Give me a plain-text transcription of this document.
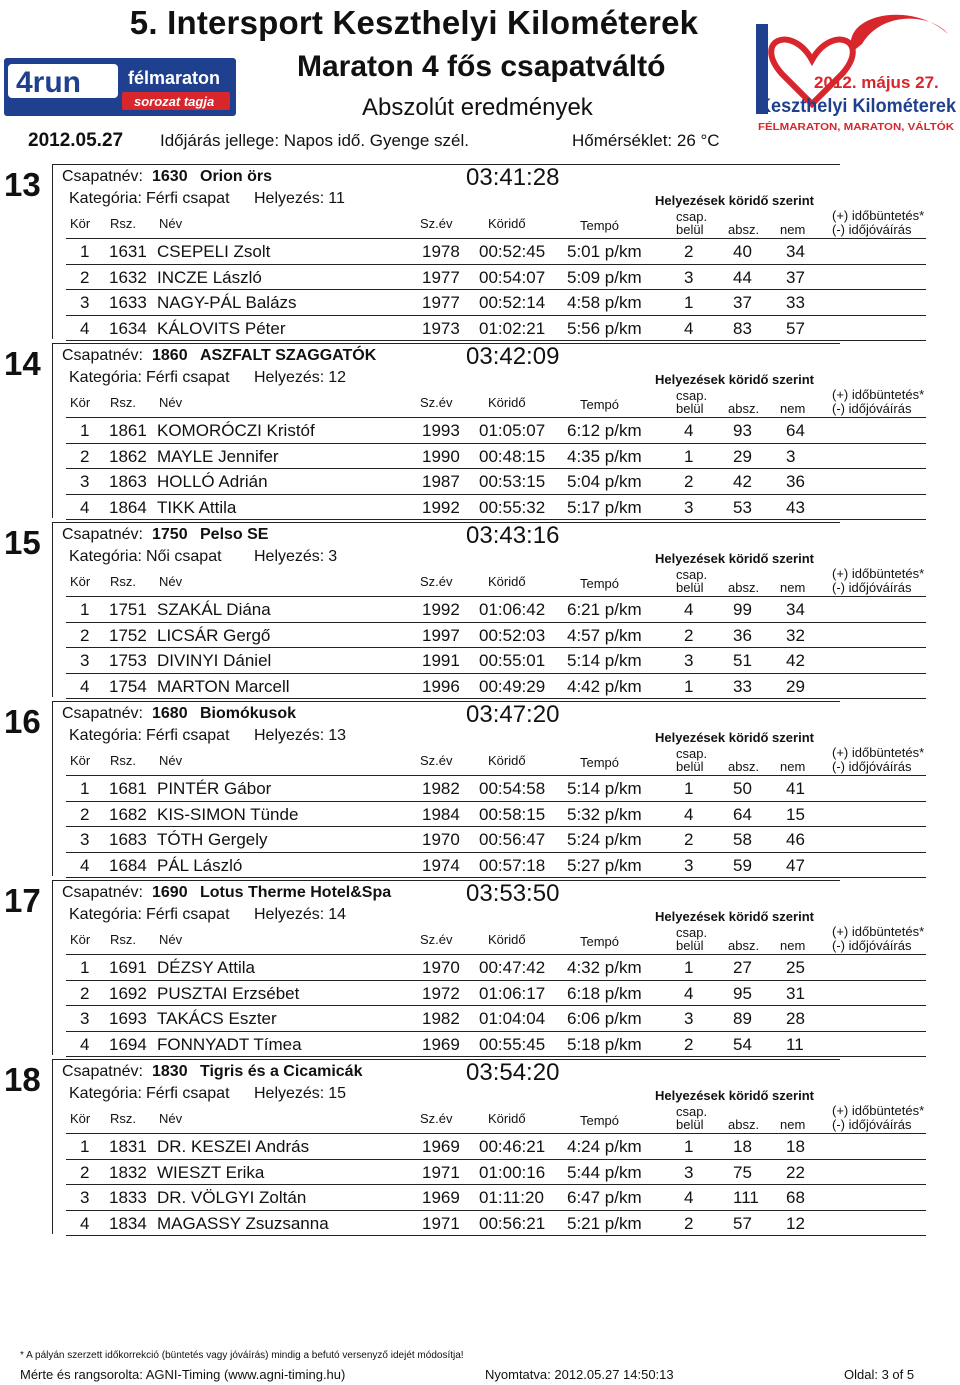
4run	félmaraton
sorozat tagja
2012. május 27.
Keszthelyi Kilométerek
FÉLMARATON, MARATON, VÁLTÓK
5. Intersport Keszthelyi Kilométerek
Maraton 4 fős csapatváltó
Abszolút eredmények
2012.05.27 Időjárás jellege: Napos idő. Gyenge szél.	Hőmérséklet: 26 °C
13 Csapatnév: 1630 Orion örs	03:41:28
Kategória: Férfi csapat Helyezés: 11	Helyezések köridő szerint
Kör Rsz. Név	Sz.év	Köridő	Tempó
csap.
belül absz. nem
(+) időbüntetés*
(-) időjóváírás
1 1631 CSEPELI Zsolt	1978 00:52:45 5:01 p/km 2 40 34
2 1632 INCZE László	1977 00:54:07 5:09 p/km 3 44 37
3 1633 NAGY-PÁL Balázs	1977 00:52:14 4:58 p/km 1 37 33
4 1634 KÁLOVITS Péter	1973 01:02:21 5:56 p/km 4 83 57
14 Csapatnév: 1860 ASZFALT SZAGGATÓK	03:42:09
Kategória: Férfi csapat Helyezés: 12	Helyezések köridő szerint
Kör Rsz. Név	Sz.év	Köridő	Tempó
csap.
belül absz. nem
(+) időbüntetés*
(-) időjóváírás
1 1861 KOMORÓCZI Kristóf	1993 01:05:07 6:12 p/km 4 93 64
2 1862 MAYLE Jennifer	1990 00:48:15 4:35 p/km 1 29 3
3 1863 HOLLÓ Adrián	1987 00:53:15 5:04 p/km 2 42 36
4 1864 TIKK Attila	1992 00:55:32 5:17 p/km 3 53 43
15 Csapatnév: 1750 Pelso SE	03:43:16
Kategória: Női csapat Helyezés: 3	Helyezések köridő szerint
Kör Rsz. Név	Sz.év	Köridő	Tempó
csap.
belül absz. nem
(+) időbüntetés*
(-) időjóváírás
1 1751 SZAKÁL Diána	1992 01:06:42 6:21 p/km 4 99 34
2 1752 LICSÁR Gergő	1997 00:52:03 4:57 p/km 2 36 32
3 1753 DIVINYI Dániel	1991 00:55:01 5:14 p/km 3 51 42
4 1754 MARTON Marcell	1996 00:49:29 4:42 p/km 1 33 29
16 Csapatnév: 1680 Biomókusok	03:47:20
Kategória: Férfi csapat Helyezés: 13	Helyezések köridő szerint
Kör Rsz. Név	Sz.év	Köridő	Tempó
csap.
belül absz. nem
(+) időbüntetés*
(-) időjóváírás
1 1681 PINTÉR Gábor	1982 00:54:58 5:14 p/km 1 50 41
2 1682 KIS-SIMON Tünde	1984 00:58:15 5:32 p/km 4 64 15
3 1683 TÓTH Gergely	1970 00:56:47 5:24 p/km 2 58 46
4 1684 PÁL László	1974 00:57:18 5:27 p/km 3 59 47
17 Csapatnév: 1690 Lotus Therme Hotel&Spa	03:53:50
Kategória: Férfi csapat Helyezés: 14	Helyezések köridő szerint
Kör Rsz. Név	Sz.év	Köridő	Tempó
csap.
belül absz. nem
(+) időbüntetés*
(-) időjóváírás
1 1691 DÉZSY Attila	1970 00:47:42 4:32 p/km 1 27 25
2 1692 PUSZTAI Erzsébet	1972 01:06:17 6:18 p/km 4 95 31
3 1693 TAKÁCS Eszter	1982 01:04:04 6:06 p/km 3 89 28
4 1694 FONNYADT Tímea	1969 00:55:45 5:18 p/km 2 54 11
18 Csapatnév: 1830 Tigris és a Cicamicák	03:54:20
Kategória: Férfi csapat Helyezés: 15	Helyezések köridő szerint
Kör Rsz. Név	Sz.év	Köridő	Tempó
csap.
belül absz. nem
(+) időbüntetés*
(-) időjóváírás
1 1831 DR. KESZEI András	1969 00:46:21 4:24 p/km 1 18 18
2 1832 WIESZT Erika	1971 01:00:16 5:44 p/km 3 75 22
3 1833 DR. VÖLGYI Zoltán	1969 01:11:20 6:47 p/km 4 111 68
4 1834 MAGASSY Zsuzsanna	1971 00:56:21 5:21 p/km 2 57 12
* A pályán szerzett időkorrekció (büntetés vagy jóváírás) mindig a befutó versenyző idejét módosítja!
Mérte és rangsorolta: AGNI-Timing (www.agni-timing.hu)	Nyomtatva: 2012.05.27 14:50:13	Oldal: 3 of 5
